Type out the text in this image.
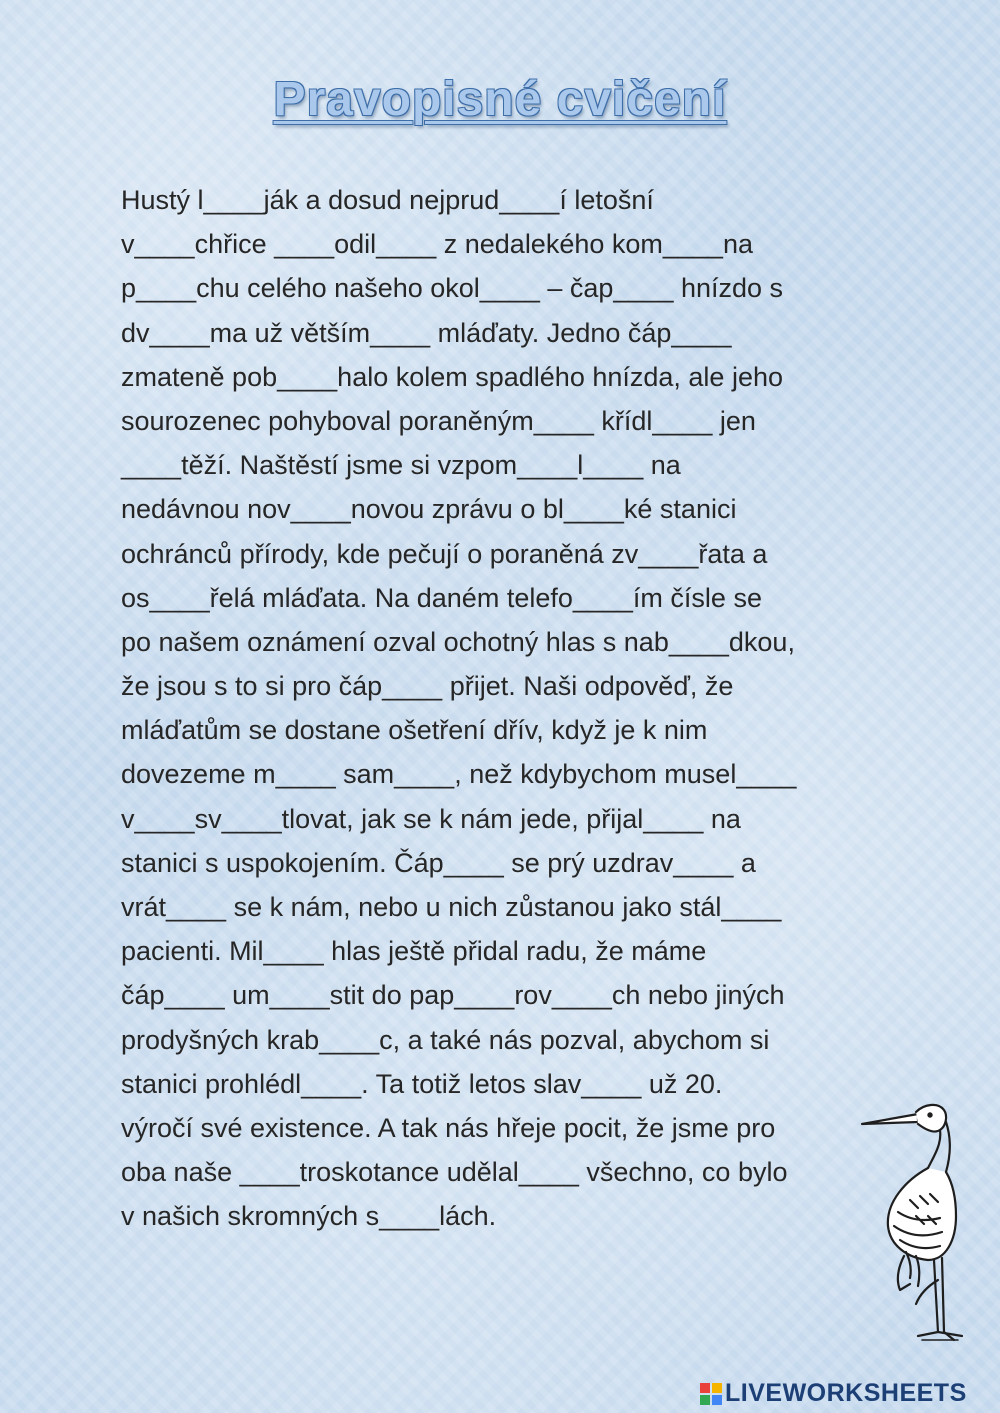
Pravopisné cvičení
Hustý l____ják a dosud nejprud____í letošní
v____chřice ____odil____ z nedalekého kom____na
p____chu celého našeho okol____ – čap____ hnízdo s
dv____ma už větším____ mláďaty. Jedno čáp____
zmateně pob____halo kolem spadlého hnízda, ale jeho
sourozenec pohyboval poraněným____ křídl____ jen
____těží. Naštěstí jsme si vzpom____l____ na
nedávnou nov____novou zprávu o bl____ké stanici
ochránců přírody, kde pečují o poraněná zv____řata a
os____řelá mláďata. Na daném telefo____ím čísle se
po našem oznámení ozval ochotný hlas s nab____dkou,
že jsou s to si pro čáp____ přijet. Naši odpověď, že
mláďatům se dostane ošetření dřív, když je k nim
dovezeme m____ sam____, než kdybychom musel____
v____sv____tlovat, jak se k nám jede, přijal____ na
stanici s uspokojením. Čáp____ se prý uzdrav____ a
vrát____ se k nám, nebo u nich zůstanou jako stál____
pacienti. Mil____ hlas ještě přidal radu, že máme
čáp____ um____stit do pap____rov____ch nebo jiných
prodyšných krab____c, a také nás pozval, abychom si
stanici prohlédl____. Ta totiž letos slav____ už 20.
výročí své existence. A tak nás hřeje pocit, že jsme pro
oba naše ____troskotance udělal____ všechno, co bylo
v našich skromných s____lách.
LIVEWORKSHEETS
